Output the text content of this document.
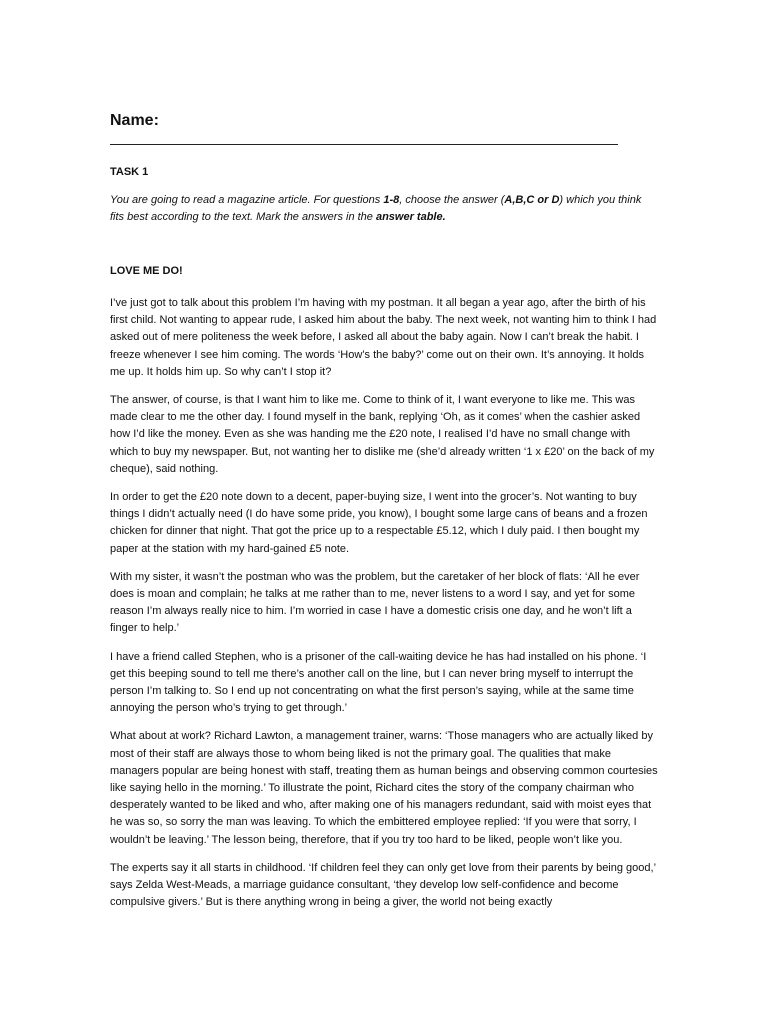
Name:
TASK 1
You are going to read a magazine article. For questions 1-8, choose the answer (A,B,C or D) which you think fits best according to the text. Mark the answers in the answer table.
LOVE ME DO!

I’ve just got to talk about this problem I’m having with my postman. It all began a year ago, after the birth of his first child. Not wanting to appear rude, I asked him about the baby. The next week, not wanting him to think I had asked out of mere politeness the week before, I asked all about the baby again. Now I can’t break the habit. I freeze whenever I see him coming. The words ‘How’s the baby?’ come out on their own. It’s annoying. It holds me up. It holds him up. So why can’t I stop it?

The answer, of course, is that I want him to like me. Come to think of it, I want everyone to like me. This was made clear to me the other day. I found myself in the bank, replying ‘Oh, as it comes’ when the cashier asked how I’d like the money. Even as she was handing me the £20 note, I realised I’d have no small change with which to buy my newspaper. But, not wanting her to dislike me (she’d already written ‘1 x £20’ on the back of my cheque), said nothing.

In order to get the £20 note down to a decent, paper-buying size, I went into the grocer’s. Not wanting to buy things I didn’t actually need (I do have some pride, you know), I bought some large cans of beans and a frozen chicken for dinner that night. That got the price up to a respectable £5.12, which I duly paid. I then bought my paper at the station with my hard-gained £5 note.

With my sister, it wasn’t the postman who was the problem, but the caretaker of her block of flats: ‘All he ever does is moan and complain; he talks at me rather than to me, never listens to a word I say, and yet for some reason I’m always really nice to him. I’m worried in case I have a domestic crisis one day, and he won’t lift a finger to help.’

I have a friend called Stephen, who is a prisoner of the call-waiting device he has had installed on his phone. ‘I get this beeping sound to tell me there’s another call on the line, but I can never bring myself to interrupt the person I’m talking to. So I end up not concentrating on what the first person’s saying, while at the same time annoying the person who’s trying to get through.’

What about at work? Richard Lawton, a management trainer, warns: ‘Those managers who are actually liked by most of their staff are always those to whom being liked is not the primary goal. The qualities that make managers popular are being honest with staff, treating them as human beings and observing common courtesies like saying hello in the morning.’ To illustrate the point, Richard cites the story of the company chairman who desperately wanted to be liked and who, after making one of his managers redundant, said with moist eyes that he was so, so sorry the man was leaving. To which the embittered employee replied: ‘If you were that sorry, I wouldn’t be leaving.’ The lesson being, therefore, that if you try too hard to be liked, people won’t like you.

The experts say it all starts in childhood. ‘If children feel they can only get love from their parents by being good,’ says Zelda West-Meads, a marriage guidance consultant, ‘they develop low self-confidence and become compulsive givers.’ But is there anything wrong in being a giver, the world not being exactly
